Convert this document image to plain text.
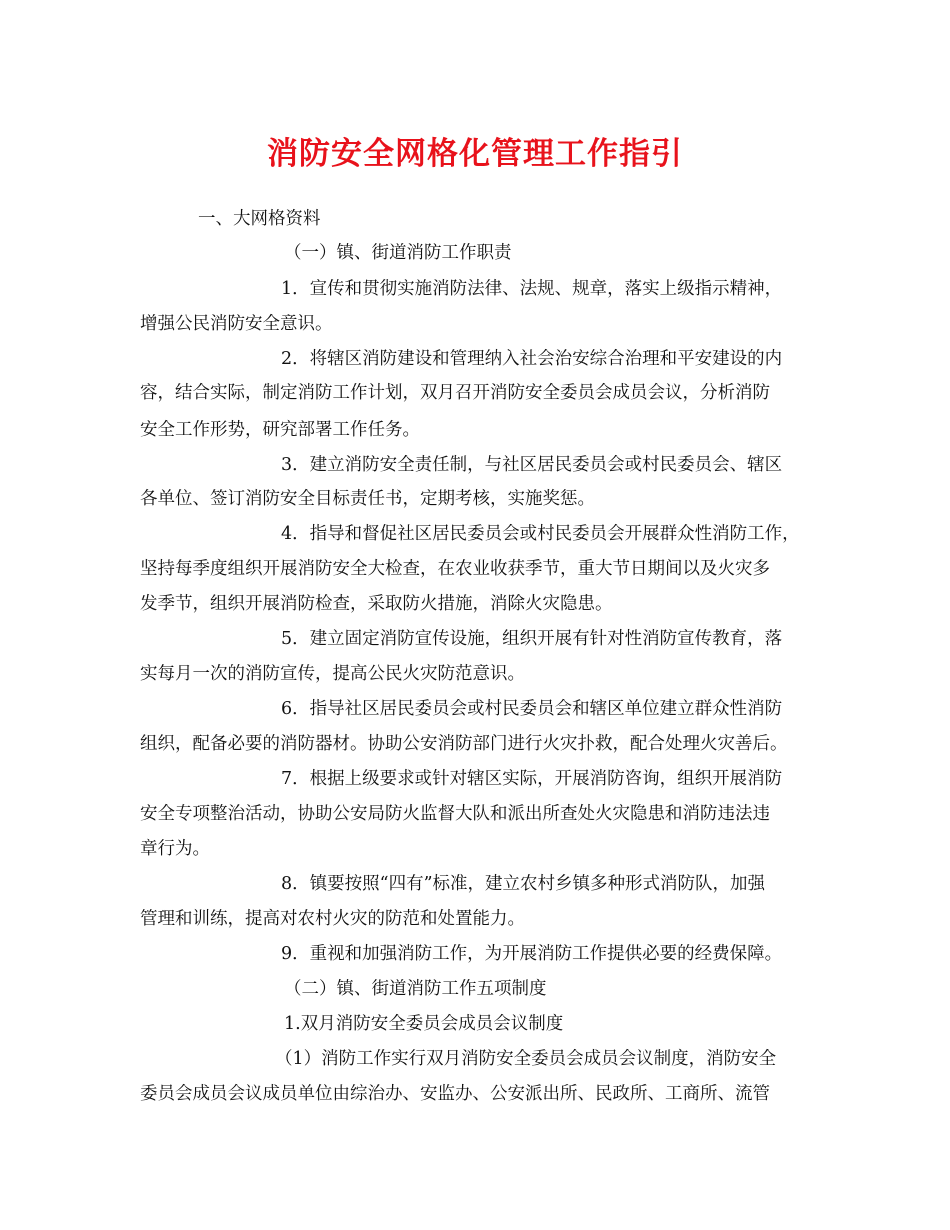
消防安全网格化管理工作指引

一、大网格资料

（一）镇、街道消防工作职责

1．宣传和贯彻实施消防法律、法规、规章，落实上级指示精神，

增强公民消防安全意识。

2．将辖区消防建设和管理纳入社会治安综合治理和平安建设的内

容，结合实际，制定消防工作计划，双月召开消防安全委员会成员会议，分析消防

安全工作形势，研究部署工作任务。

3．建立消防安全责任制，与社区居民委员会或村民委员会、辖区

各单位、签订消防安全目标责任书，定期考核，实施奖惩。

4．指导和督促社区居民委员会或村民委员会开展群众性消防工作，

坚持每季度组织开展消防安全大检查，在农业收获季节，重大节日期间以及火灾多

发季节，组织开展消防检查，采取防火措施，消除火灾隐患。

5．建立固定消防宣传设施，组织开展有针对性消防宣传教育，落

实每月一次的消防宣传，提高公民火灾防范意识。

6．指导社区居民委员会或村民委员会和辖区单位建立群众性消防

组织，配备必要的消防器材。协助公安消防部门进行火灾扑救，配合处理火灾善后。

7．根据上级要求或针对辖区实际，开展消防咨询，组织开展消防

安全专项整治活动，协助公安局防火监督大队和派出所查处火灾隐患和消防违法违

章行为。

8．镇要按照“四有”标准，建立农村乡镇多种形式消防队，加强

管理和训练，提高对农村火灾的防范和处置能力。

9．重视和加强消防工作，为开展消防工作提供必要的经费保障。

（二）镇、街道消防工作五项制度

1.双月消防安全委员会成员会议制度

（1）消防工作实行双月消防安全委员会成员会议制度，消防安全

委员会成员会议成员单位由综治办、安监办、公安派出所、民政所、工商所、流管
